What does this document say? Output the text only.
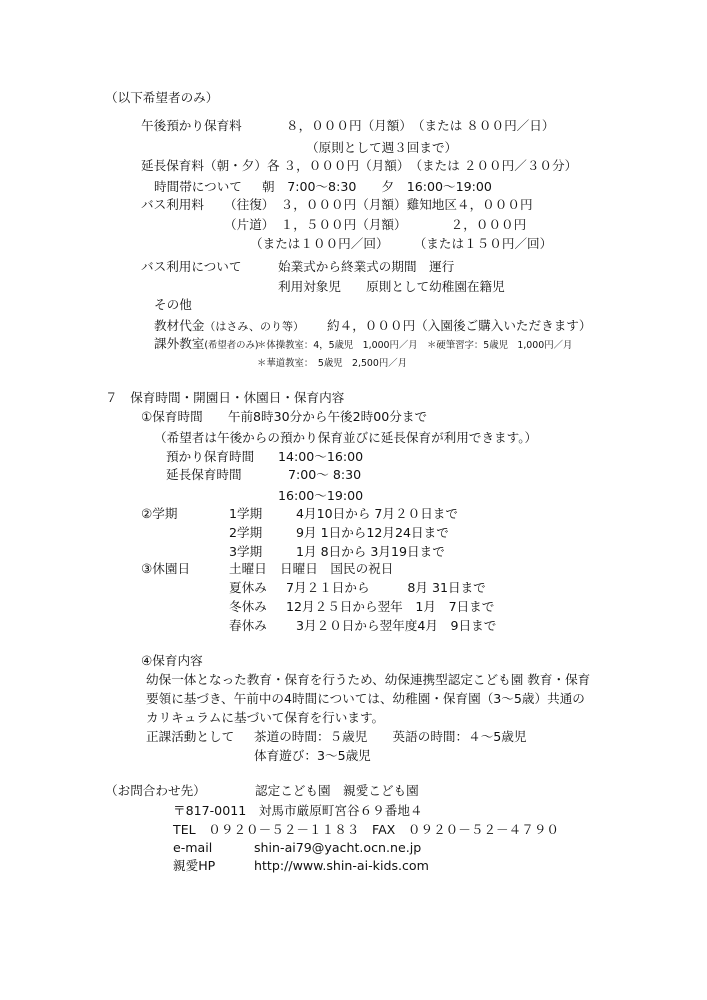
（以下希望者のみ）
午後預かり保育料	８，０００円（月額）　（または ８００円／日）
（原則として週３回まで）
延長保育料（朝・夕）各 ３，０００円（月額）　（または ２００円／３０分）
時間帯について 朝　7:00～8:30　　夕　16:00～19:00
バス利用料 （往復）　３，０００円（月額）雞知地区４，０００円
（片道）　１，５００円（月額）　　　　２，０００円
（または１００円／回）　　　（または１５０円／回）
バス利用について	始業式から終業式の期間　運行
利用対象児　　原則として幼稚園在籍児
その他
教材代金（はさみ、のり等） 約４，０００円（入園後ご購入いただきます）
課外教室(希望者のみ)
＊体操教室：4，5歳児　1,000円／月　＊硬筆習字：5歳児　1,000円／月
＊華道教室：　5歳児　2,500円／月
７　保育時間・開園日・休園日・保育内容
①保育時間　　午前8時30分から午後2時00分まで
（希望者は午後からの預かり保育並びに延長保育が利用できます。）
預かり保育時間 14:00～16:00
延長保育時間	7:00～ 8:30
16:00～19:00
②学期	1学期	4月10日から 7月２０日まで
2学期	9月 1日から12月24日まで
3学期	1月 8日から 3月19日まで
③休園日	土曜日 日曜日　国民の祝日
夏休み 7月２１日から　　　8月 31日まで
冬休み 12月２５日から翌年　1月　7日まで
春休み 3月２０日から翌年度4月　9日まで
④保育内容
幼保一体となった教育・保育を行うため、幼保連携型認定こども園 教育・保育
要領に基づき、午前中の4時間については、幼稚園・保育園（3～5歳）共通の
カリキュラムに基づいて保育を行います。
正課活動として 茶道の時間：５歳児　　英語の時間：４～5歳児
体育遊び：3～5歳児
（お問合わせ先）	認定こども園　親愛こども園
〒817-0011　対馬市厳原町宮谷６９番地４
TEL　０９２０－５２－１１８３　FAX　０９２０－５２－４７９０
e-mail	shin-ai79@yacht.ocn.ne.jp
親愛HP	http://www.shin-ai-kids.com
